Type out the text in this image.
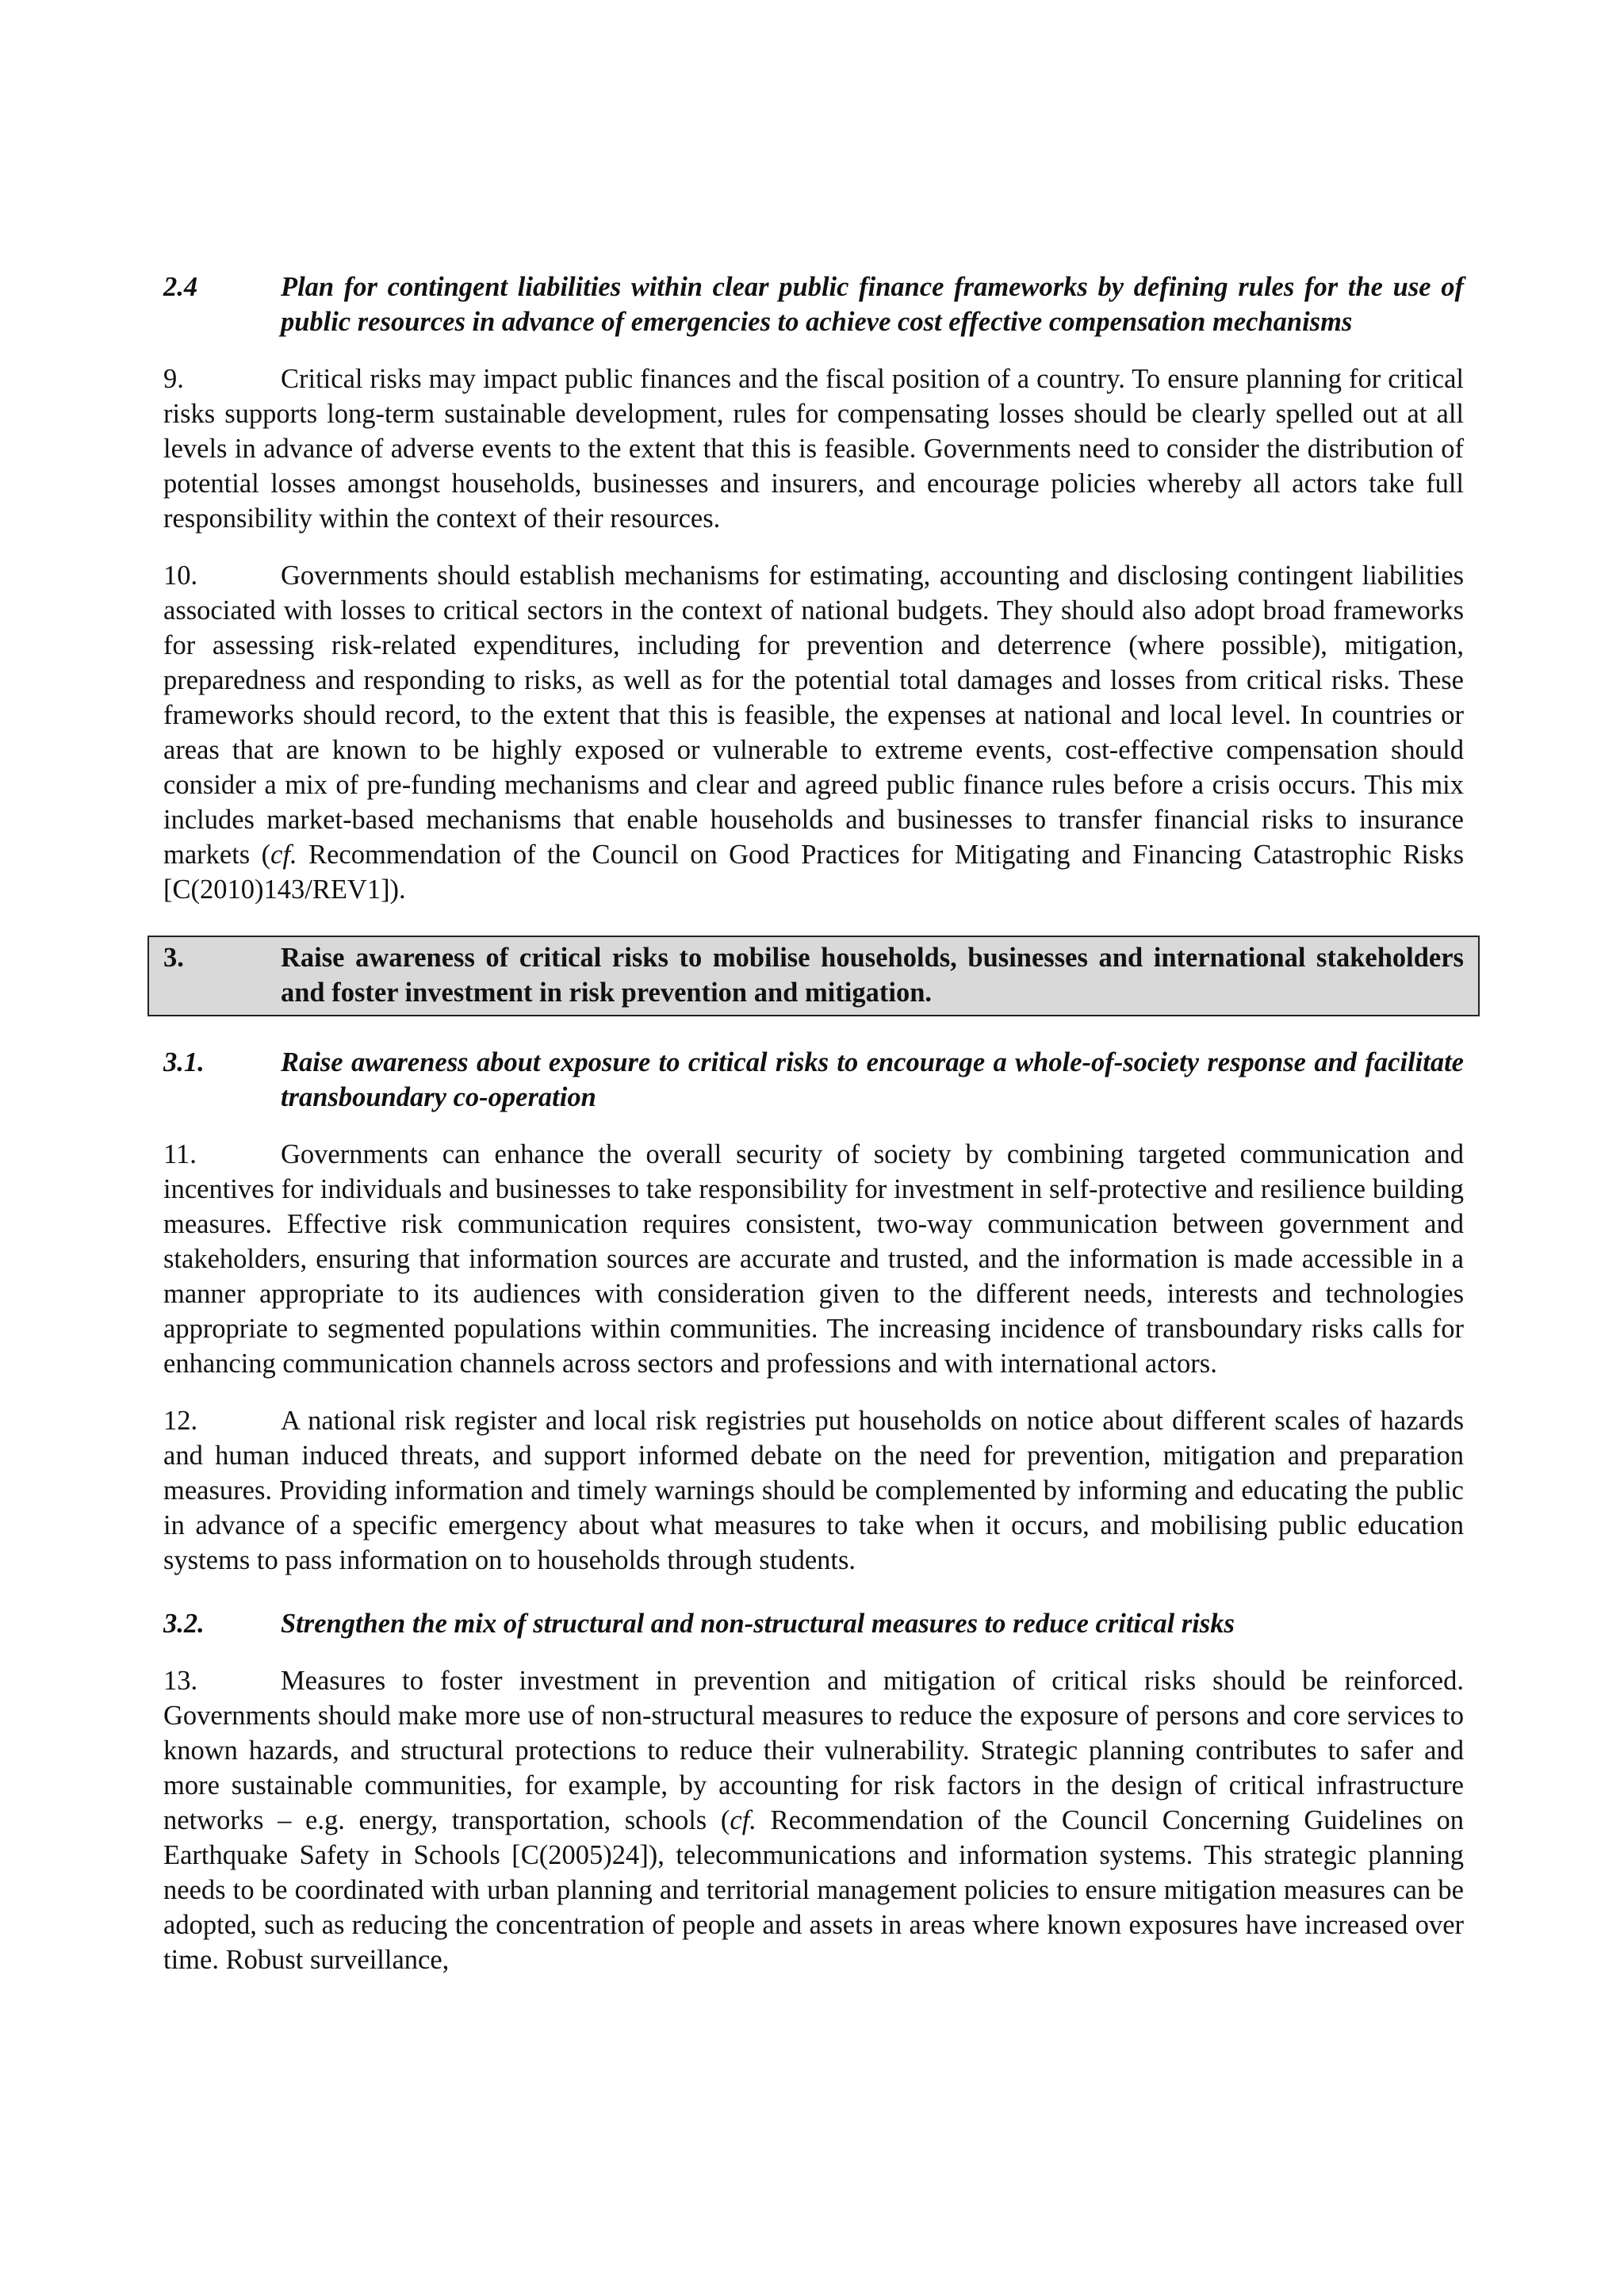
2.4	Plan for contingent liabilities within clear public finance frameworks by defining rules for the use of public resources in advance of emergencies to achieve cost effective compensation mechanisms

9.	Critical risks may impact public finances and the fiscal position of a country. To ensure planning for critical risks supports long-term sustainable development, rules for compensating losses should be clearly spelled out at all levels in advance of adverse events to the extent that this is feasible. Governments need to consider the distribution of potential losses amongst households, businesses and insurers, and encourage policies whereby all actors take full responsibility within the context of their resources.

10.	Governments should establish mechanisms for estimating, accounting and disclosing contingent liabilities associated with losses to critical sectors in the context of national budgets. They should also adopt broad frameworks for assessing risk-related expenditures, including for prevention and deterrence (where possible), mitigation, preparedness and responding to risks, as well as for the potential total damages and losses from critical risks. These frameworks should record, to the extent that this is feasible, the expenses at national and local level. In countries or areas that are known to be highly exposed or vulnerable to extreme events, cost-effective compensation should consider a mix of pre-funding mechanisms and clear and agreed public finance rules before a crisis occurs. This mix includes market-based mechanisms that enable households and businesses to transfer financial risks to insurance markets (cf. Recommendation of the Council on Good Practices for Mitigating and Financing Catastrophic Risks [C(2010)143/REV1]).

3.	Raise awareness of critical risks to mobilise households, businesses and international stakeholders and foster investment in risk prevention and mitigation.
3.1.	Raise awareness about exposure to critical risks to encourage a whole-of-society response and facilitate transboundary co-operation

11.	Governments can enhance the overall security of society by combining targeted communication and incentives for individuals and businesses to take responsibility for investment in self-protective and resilience building measures. Effective risk communication requires consistent, two-way communication between government and stakeholders, ensuring that information sources are accurate and trusted, and the information is made accessible in a manner appropriate to its audiences with consideration given to the different needs, interests and technologies appropriate to segmented populations within communities. The increasing incidence of transboundary risks calls for enhancing communication channels across sectors and professions and with international actors.

12.	A national risk register and local risk registries put households on notice about different scales of hazards and human induced threats, and support informed debate on the need for prevention, mitigation and preparation measures. Providing information and timely warnings should be complemented by informing and educating the public in advance of a specific emergency about what measures to take when it occurs, and mobilising public education systems to pass information on to households through students.

3.2.	Strengthen the mix of structural and non-structural measures to reduce critical risks

13.	Measures to foster investment in prevention and mitigation of critical risks should be reinforced. Governments should make more use of non-structural measures to reduce the exposure of persons and core services to known hazards, and structural protections to reduce their vulnerability. Strategic planning contributes to safer and more sustainable communities, for example, by accounting for risk factors in the design of critical infrastructure networks – e.g. energy, transportation, schools (cf. Recommendation of the Council Concerning Guidelines on Earthquake Safety in Schools [C(2005)24]), telecommunications and information systems. This strategic planning needs to be coordinated with urban planning and territorial management policies to ensure mitigation measures can be adopted, such as reducing the concentration of people and assets in areas where known exposures have increased over time. Robust surveillance,
